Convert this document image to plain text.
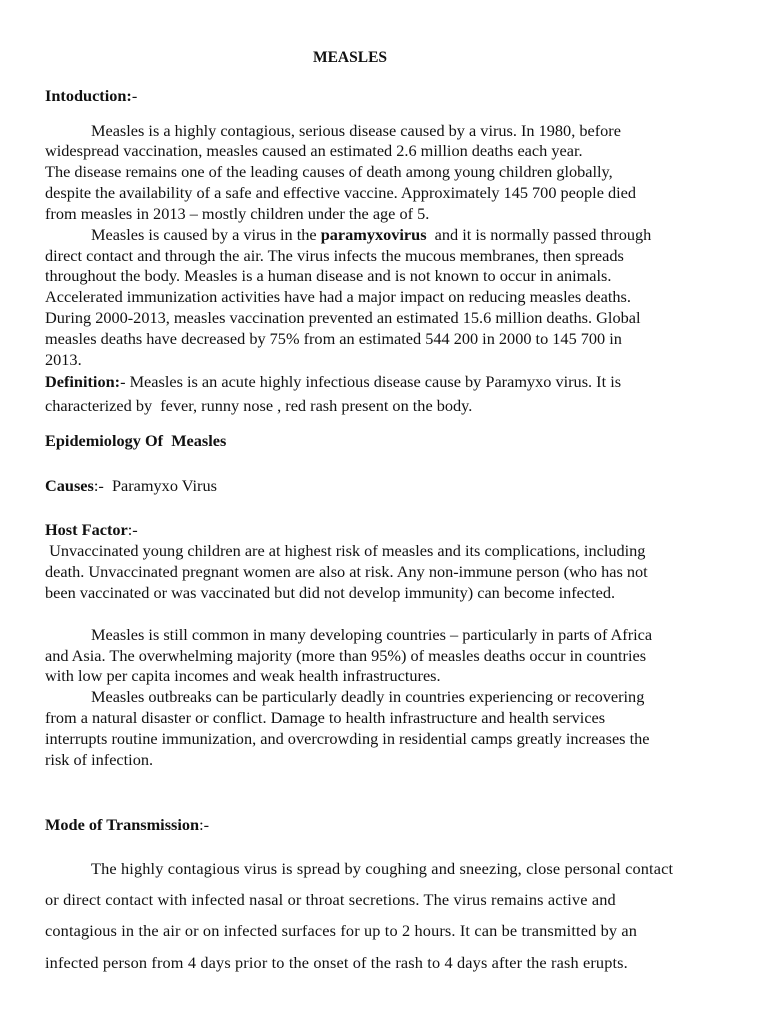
MEASLES

Intoduction:-

Measles is a highly contagious, serious disease caused by a virus. In 1980, before

widespread vaccination, measles caused an estimated 2.6 million deaths each year.

The disease remains one of the leading causes of death among young children globally,

despite the availability of a safe and effective vaccine. Approximately 145 700 people died

from measles in 2013 – mostly children under the age of 5.

Measles is caused by a virus in the paramyxovirus  and it is normally passed through

direct contact and through the air. The virus infects the mucous membranes, then spreads

throughout the body. Measles is a human disease and is not known to occur in animals.

Accelerated immunization activities have had a major impact on reducing measles deaths.

During 2000-2013, measles vaccination prevented an estimated 15.6 million deaths. Global

measles deaths have decreased by 75% from an estimated 544 200 in 2000 to 145 700 in

2013.

Definition:- Measles is an acute highly infectious disease cause by Paramyxo virus. It is

characterized by  fever, runny nose , red rash present on the body.

Epidemiology Of  Measles

Causes:-  Paramyxo Virus

Host Factor:-

Unvaccinated young children are at highest risk of measles and its complications, including

death. Unvaccinated pregnant women are also at risk. Any non-immune person (who has not

been vaccinated or was vaccinated but did not develop immunity) can become infected.

Measles is still common in many developing countries – particularly in parts of Africa

and Asia. The overwhelming majority (more than 95%) of measles deaths occur in countries

with low per capita incomes and weak health infrastructures.

Measles outbreaks can be particularly deadly in countries experiencing or recovering

from a natural disaster or conflict. Damage to health infrastructure and health services

interrupts routine immunization, and overcrowding in residential camps greatly increases the

risk of infection.

Mode of Transmission:-

The highly contagious virus is spread by coughing and sneezing, close personal contact

or direct contact with infected nasal or throat secretions. The virus remains active and

contagious in the air or on infected surfaces for up to 2 hours. It can be transmitted by an

infected person from 4 days prior to the onset of the rash to 4 days after the rash erupts.
